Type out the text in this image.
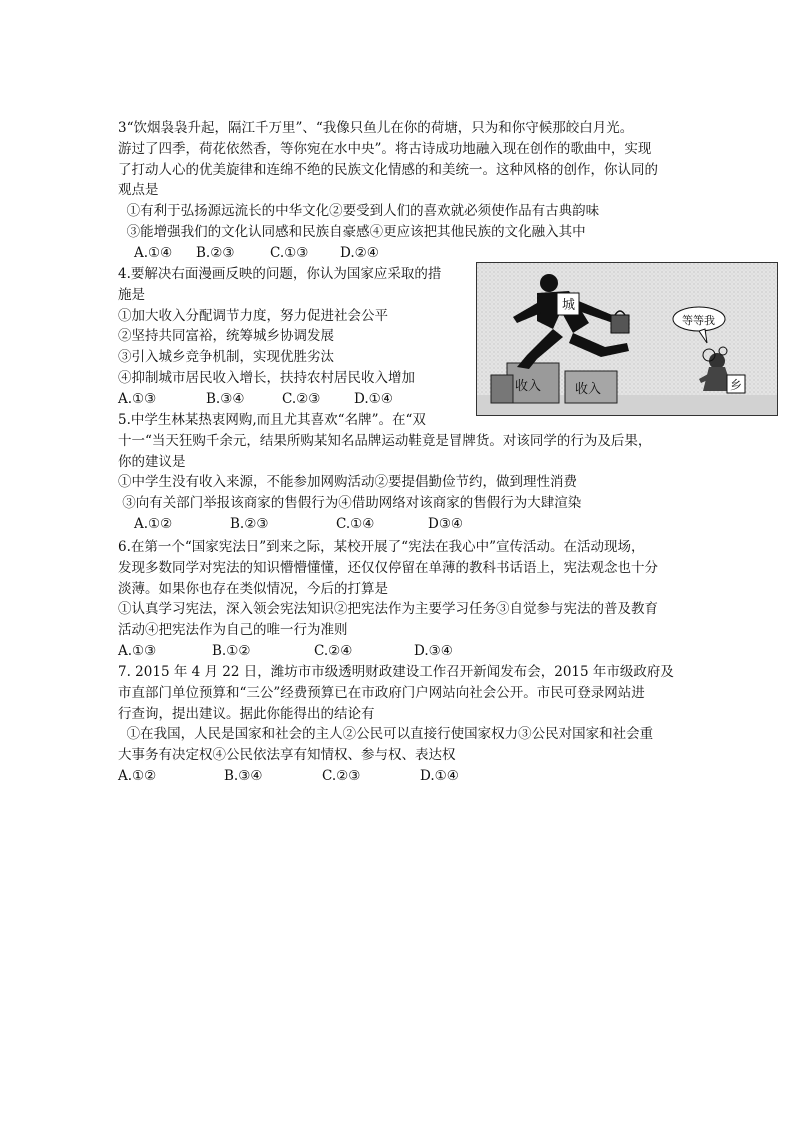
3“饮烟袅袅升起，隔江千万里”、“我像只鱼儿在你的荷塘，只为和你守候那皎白月光。
游过了四季，荷花依然香，等你宛在水中央”。将古诗成功地融入现在创作的歌曲中，实现
了打动人心的优美旋律和连绵不绝的民族文化情感的和美统一。这种风格的创作，你认同的
观点是
①有利于弘扬源远流长的中华文化②要受到人们的喜欢就必须使作品有古典韵味
③能增强我们的文化认同感和民族自豪感④更应该把其他民族的文化融入其中
A.①④ B.②③	C.①③ D.②④
4.要解决右面漫画反映的问题，你认为国家应采取的措
施是
①加大收入分配调节力度，努力促进社会公平
②坚持共同富裕，统筹城乡协调发展
③引入城乡竞争机制，实现优胜劣汰
④抑制城市居民收入增长，扶持农村居民收入增加
A.①③	B.③④	C.②③ D.①④
城
等等我
收入	收入	乡
5.中学生林某热衷网购,而且尤其喜欢“名牌”。在“双
十一“当天狂购千余元，结果所购某知名品牌运动鞋竟是冒牌货。对该同学的行为及后果，
你的建议是
①中学生没有收入来源，不能参加网购活动②要提倡勤俭节约，做到理性消费
③向有关部门举报该商家的售假行为④借助网络对该商家的售假行为大肆渲染
A.①②	B.②③	C.①④	D③④
6.在第一个“国家宪法日”到来之际，某校开展了“宪法在我心中”宣传活动。在活动现场，
发现多数同学对宪法的知识懵懵懂懂，还仅仅停留在单薄的教科书话语上，宪法观念也十分
淡薄。如果你也存在类似情况，今后的打算是
①认真学习宪法，深入领会宪法知识②把宪法作为主要学习任务③自觉参与宪法的普及教育
活动④把宪法作为自己的唯一行为准则
A.①③	B.①②	C.②④	D.③④
7. 2015 年 4 月 22 日，潍坊市市级透明财政建设工作召开新闻发布会，2015 年市级政府及
市直部门单位预算和“三公”经费预算已在市政府门户网站向社会公开。市民可登录网站进
行查询，提出建议。据此你能得出的结论有
①在我国，人民是国家和社会的主人②公民可以直接行使国家权力③公民对国家和社会重
大事务有决定权④公民依法享有知情权、参与权、表达权
A.①②	B.③④	C.②③	D.①④
